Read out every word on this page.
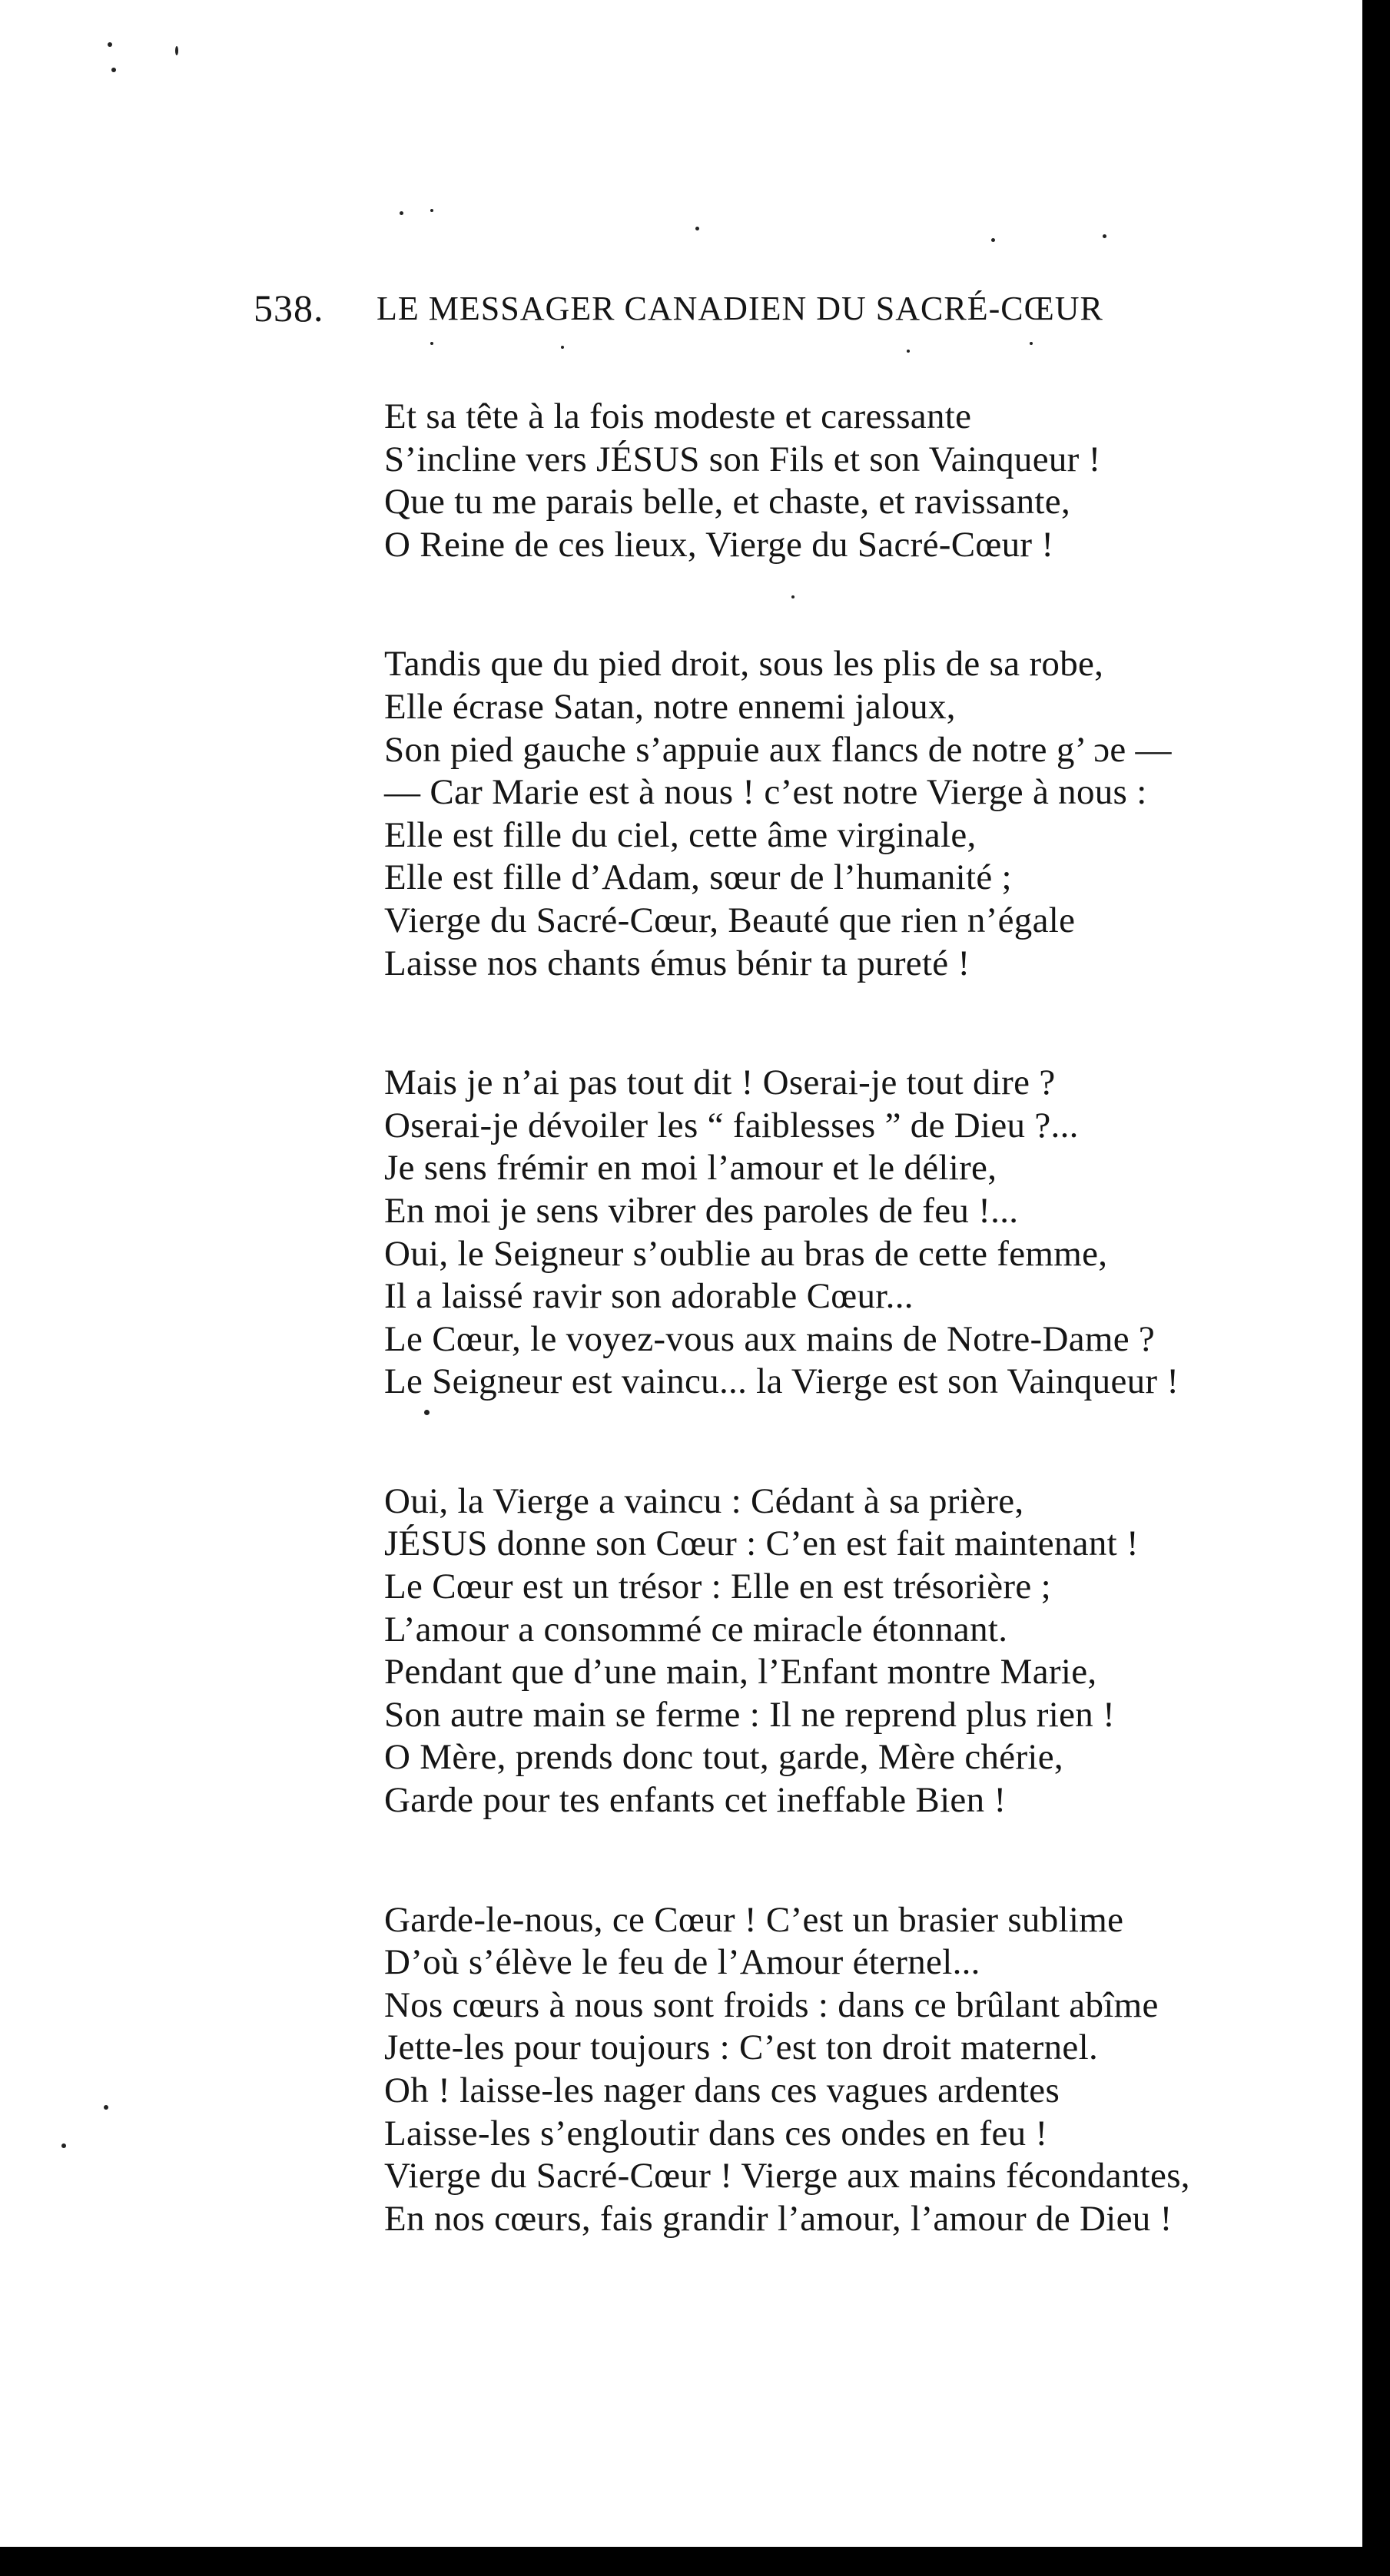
538. LE MESSAGER CANADIEN DU SACRÉ-CŒUR
Et sa tête à la fois modeste et caressante
S’incline vers JÉSUS son Fils et son Vainqueur !
Que tu me parais belle, et chaste, et ravissante,
O Reine de ces lieux, Vierge du Sacré-Cœur !
Tandis que du pied droit, sous les plis de sa robe,
Elle écrase Satan, notre ennemi jaloux,
Son pied gauche s’appuie aux flancs de notre g’ ɔe —
— Car Marie est à nous ! c’est notre Vierge à nous :
Elle est fille du ciel, cette âme virginale,
Elle est fille d’Adam, sœur de l’humanité ;
Vierge du Sacré-Cœur, Beauté que rien n’égale
Laisse nos chants émus bénir ta pureté !
Mais je n’ai pas tout dit ! Oserai-je tout dire ?
Oserai-je dévoiler les “ faiblesses ” de Dieu ?...
Je sens frémir en moi l’amour et le délire,
En moi je sens vibrer des paroles de feu !...
Oui, le Seigneur s’oublie au bras de cette femme,
Il a laissé ravir son adorable Cœur...
Le Cœur, le voyez-vous aux mains de Notre-Dame ?
Le Seigneur est vaincu... la Vierge est son Vainqueur !
Oui, la Vierge a vaincu : Cédant à sa prière,
JÉSUS donne son Cœur : C’en est fait maintenant !
Le Cœur est un trésor : Elle en est trésorière ;
L’amour a consommé ce miracle étonnant.
Pendant que d’une main, l’Enfant montre Marie,
Son autre main se ferme : Il ne reprend plus rien !
O Mère, prends donc tout, garde, Mère chérie,
Garde pour tes enfants cet ineffable Bien !
Garde-le-nous, ce Cœur ! C’est un brasier sublime
D’où s’élève le feu de l’Amour éternel...
Nos cœurs à nous sont froids : dans ce brûlant abîme
Jette-les pour toujours : C’est ton droit maternel.
Oh ! laisse-les nager dans ces vagues ardentes
Laisse-les s’engloutir dans ces ondes en feu !
Vierge du Sacré-Cœur ! Vierge aux mains fécondantes,
En nos cœurs, fais grandir l’amour, l’amour de Dieu !
